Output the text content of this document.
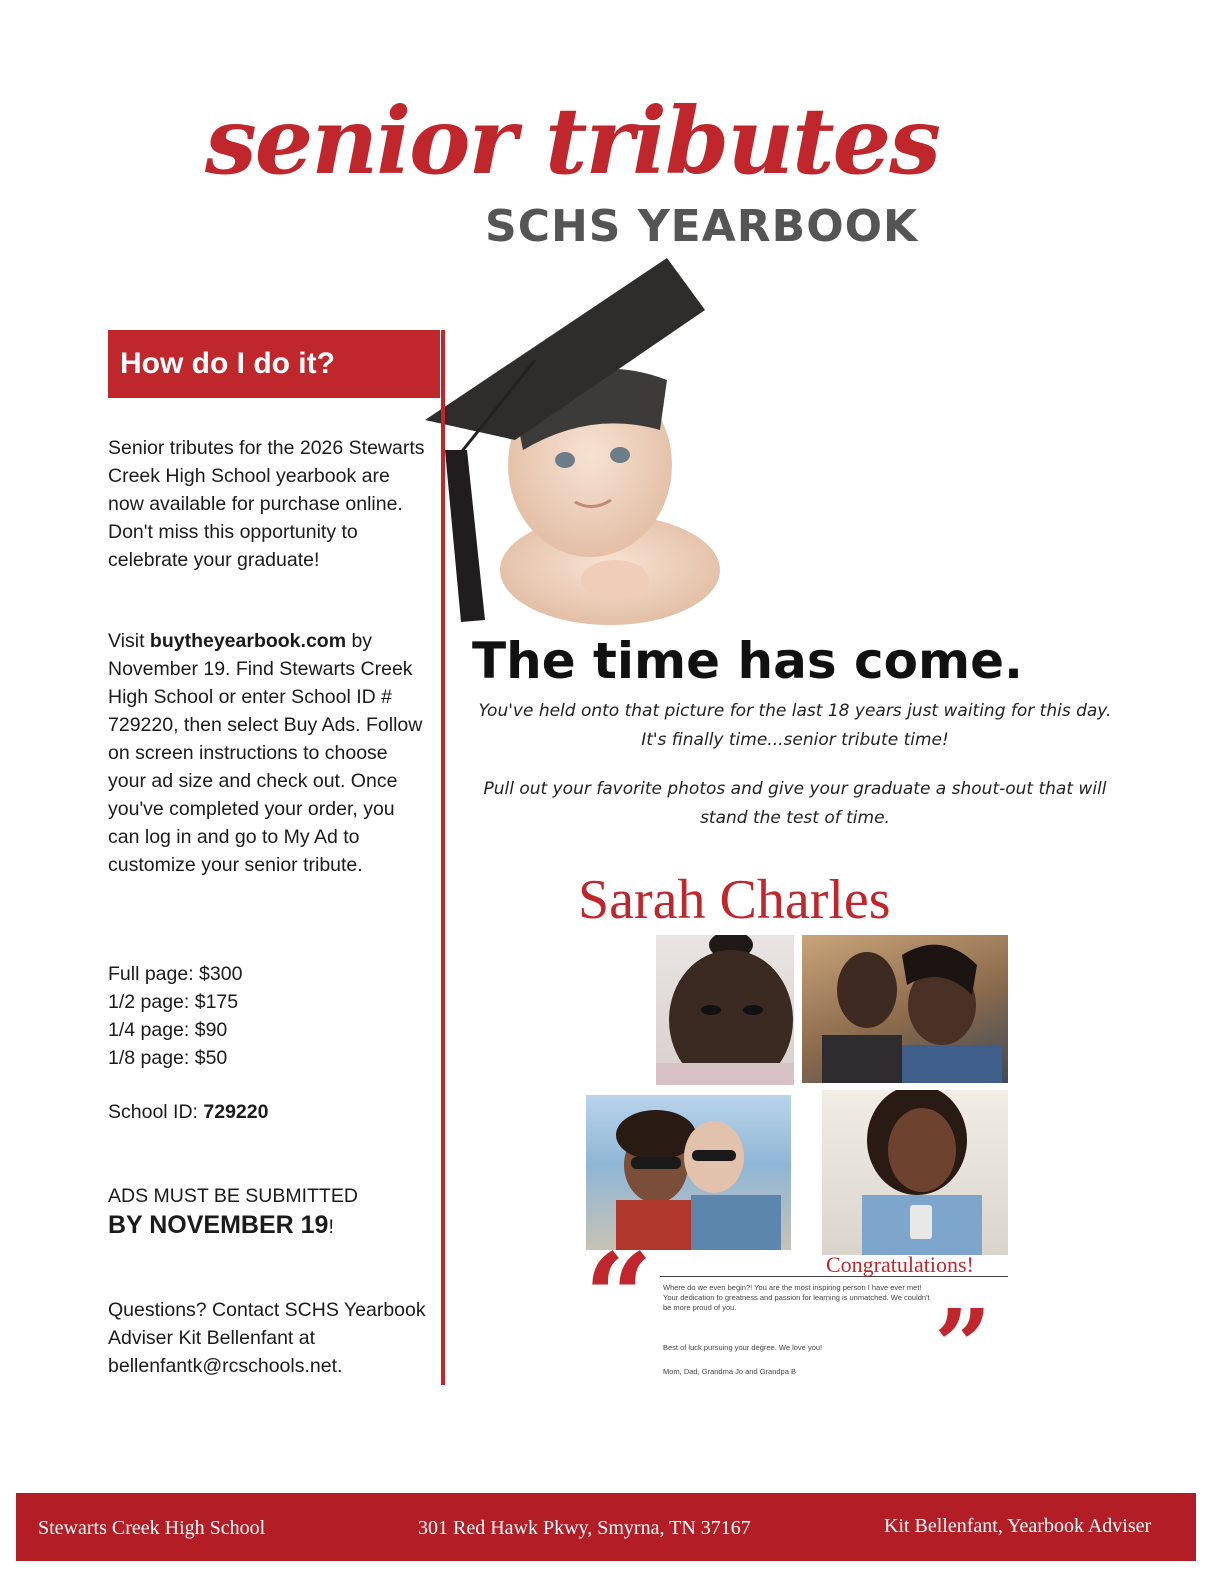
senior tributes
SCHS YEARBOOK
How do I do it?
Senior tributes for the 2026 Stewarts Creek High School yearbook are now available for purchase online. Don't miss this opportunity to celebrate your graduate!
Visit buytheyearbook.com by November 19. Find Stewarts Creek High School or enter School ID # 729220, then select Buy Ads. Follow on screen instructions to choose your ad size and check out. Once you've completed your order, you can log in and go to My Ad to customize your senior tribute.
Full page: $300
1/2 page: $175
1/4 page: $90
1/8 page: $50
School ID: 729220
ADS MUST BE SUBMITTED
BY NOVEMBER 19!
Questions? Contact SCHS Yearbook Adviser Kit Bellenfant at bellenfantk@rcschools.net.
The time has come.
You've held onto that picture for the last 18 years just waiting for this day. It's finally time...senior tribute time!
Pull out your favorite photos and give your graduate a shout-out that will stand the test of time.
Sarah Charles
Congratulations!
“	”
Where do we even begin?! You are the most inspiring person I have ever met! Your dedication to greatness and passion for learning is unmatched. We couldn't be more proud of you.
Best of luck pursuing your degree. We love you!
Mom, Dad, Grandma Jo and Grandpa B
Stewarts Creek High School	301 Red Hawk Pkwy, Smyrna, TN 37167	Kit Bellenfant, Yearbook Adviser
